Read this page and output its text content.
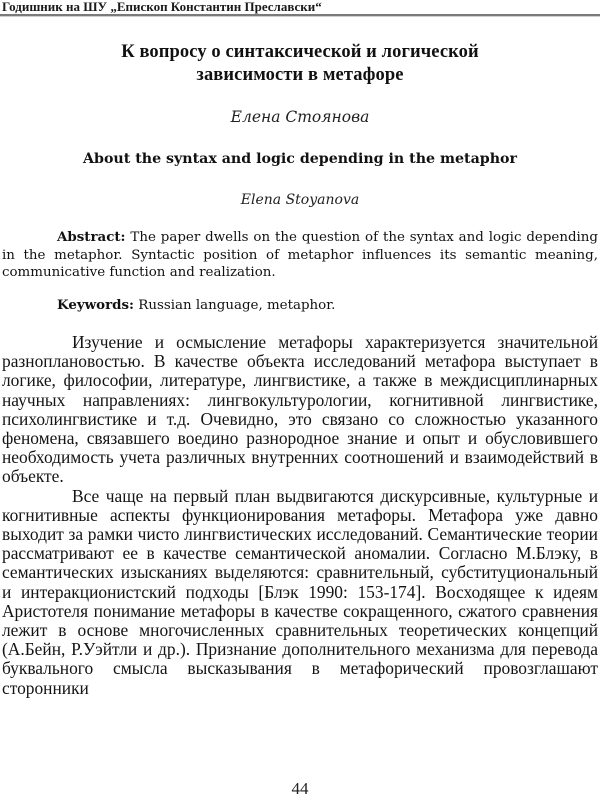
Годишник на ШУ „Епископ Константин Преславски“
К вопросу о синтаксической и логической зависимости в метафоре
Елена Стоянова
About the syntax and logic depending in the metaphor
Elena Stoyanova

Abstract: The paper dwells on the question of the syntax and logic depending in the metaphor. Syntactic position of metaphor influences its semantic meaning, communicative function and realization.

Keywords: Russian language, metaphor.

Изучение и осмысление метафоры характеризуется значительной разноплановостью. В качестве объекта исследований метафора выступает в логике, философии, литературе, лингвистике, а также в междисциплинарных научных направлениях: лингвокультурологии, когнитивной лингвистике, психолингвистике и т.д. Очевидно, это связано со сложностью указанного феномена, связавшего воедино разнородное знание и опыт и обусловившего необходимость учета различных внутренних соотношений и взаимодействий в объекте.

Все чаще на первый план выдвигаются дискурсивные, культурные и когнитивные аспекты функционирования метафоры. Метафора уже давно выходит за рамки чисто лингвистических исследований. Семантические теории рассматривают ее в качестве семантической аномалии. Согласно М.Блэку, в семантических изысканиях выделяются: сравнительный, субституциональный и интеракционистский подходы [Блэк 1990: 153-174]. Восходящее к идеям Аристотеля понимание метафоры в качестве сокращенного, сжатого сравнения лежит в основе многочисленных сравнительных теоретических концепций (А.Бейн, Р.Уэйтли и др.). Признание дополнительного механизма для перевода буквального смысла высказывания в метафорический провозглашают сторонники

44
